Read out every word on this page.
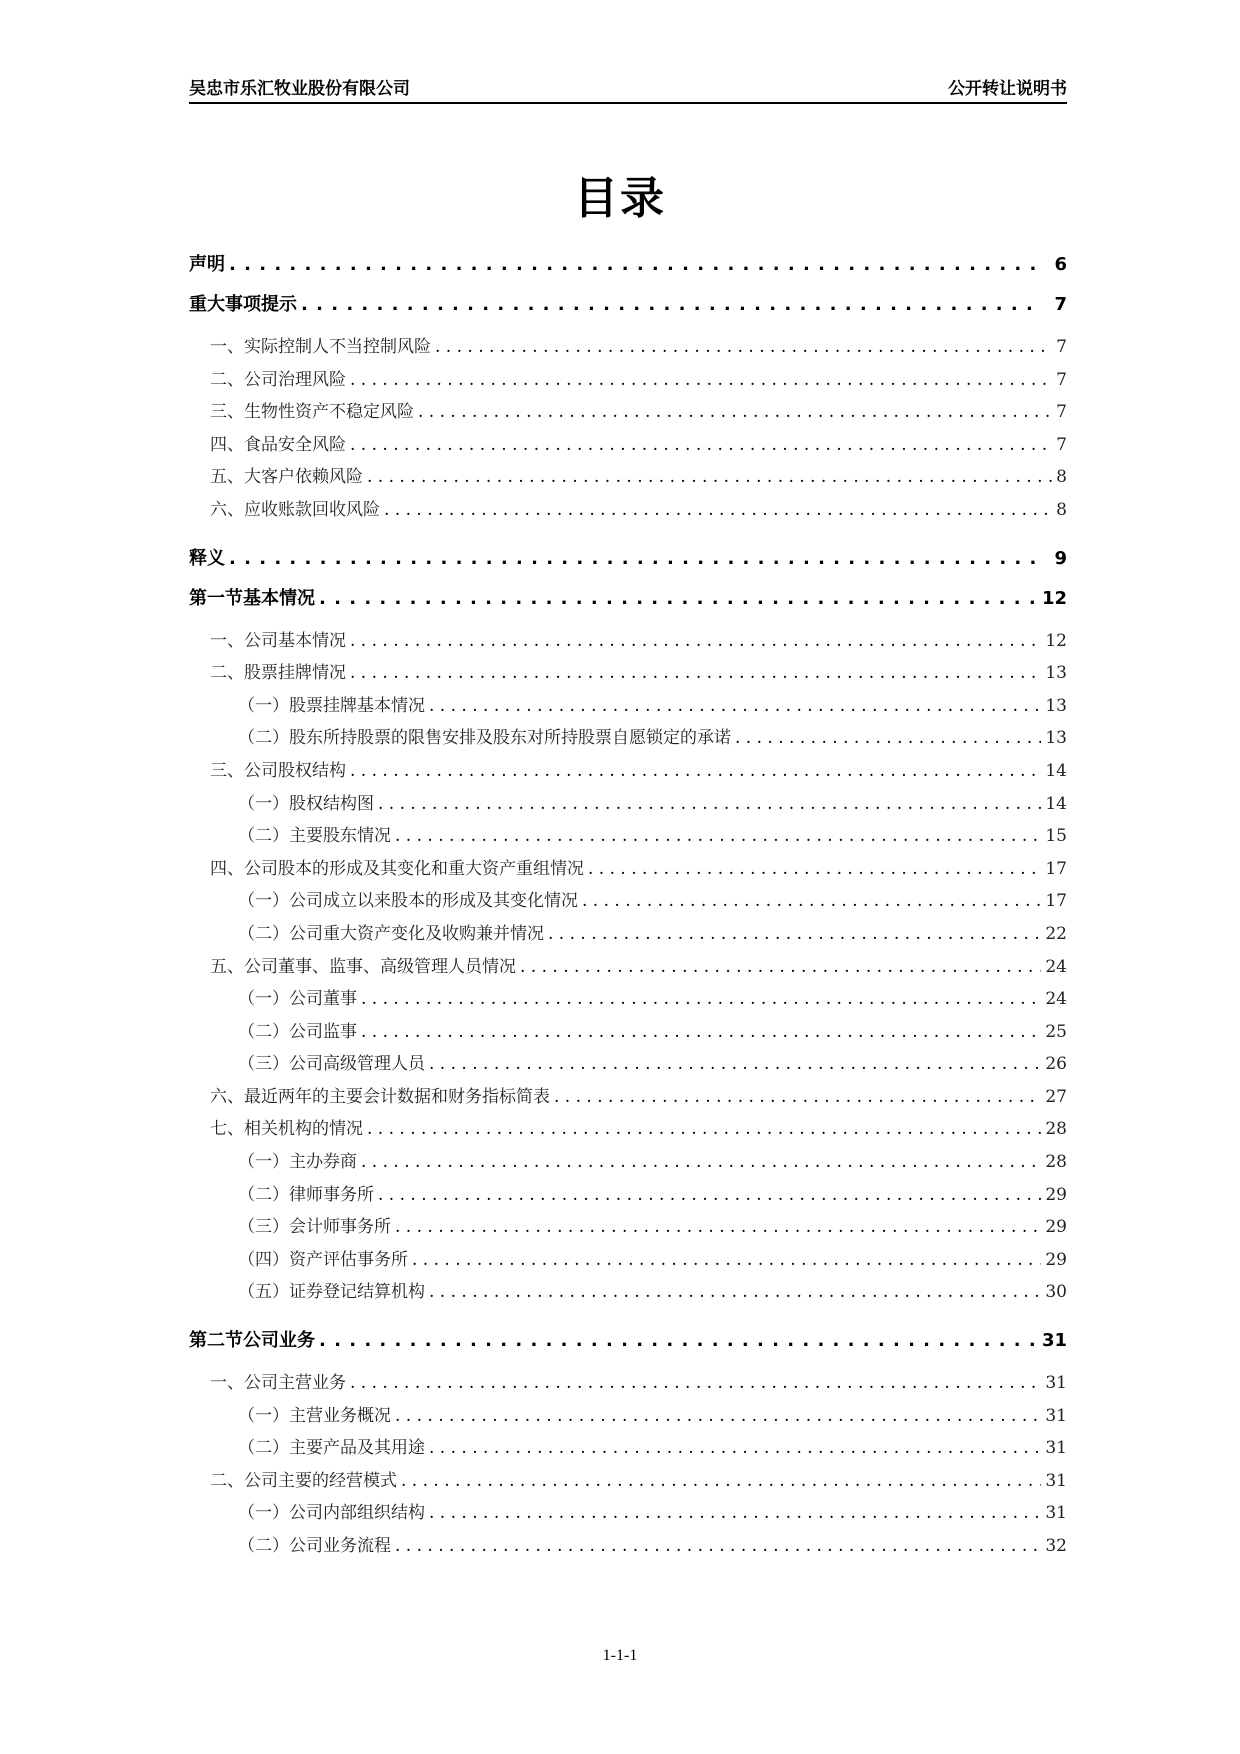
吴忠市乐汇牧业股份有限公司	公开转让说明书
目录
声明 . . .	6
重大事项提示 . . .	7
一、实际控制人不当控制风险 . . .	7
二、公司治理风险 . . .	7
三、生物性资产不稳定风险 . . .	7
四、食品安全风险 . . .	7
五、大客户依赖风险 . . .	8
六、应收账款回收风险 . . .	8
释义 . . .	9
第一节基本情况 . . .	12
一、公司基本情况 . . .	12
二、股票挂牌情况 . . .	13
（一）股票挂牌基本情况 . . .	13
（二）股东所持股票的限售安排及股东对所持股票自愿锁定的承诺 . . .	13
三、公司股权结构 . . .	14
（一）股权结构图 . . .	14
（二）主要股东情况 . . .	15
四、公司股本的形成及其变化和重大资产重组情况 . . .	17
（一）公司成立以来股本的形成及其变化情况 . . .	17
（二）公司重大资产变化及收购兼并情况 . . .	22
五、公司董事、监事、高级管理人员情况 . . .	24
（一）公司董事 . . .	24
（二）公司监事 . . .	25
（三）公司高级管理人员 . . .	26
六、最近两年的主要会计数据和财务指标简表 . . .	27
七、相关机构的情况 . . .	28
（一）主办券商 . . .	28
（二）律师事务所 . . .	29
（三）会计师事务所 . . .	29
（四）资产评估事务所 . . .	29
（五）证券登记结算机构 . . .	30
第二节公司业务 . . .	31
一、公司主营业务 . . .	31
（一）主营业务概况 . . .	31
（二）主要产品及其用途 . . .	31
二、公司主要的经营模式 . . .	31
（一）公司内部组织结构 . . .	31
（二）公司业务流程 . . .	32
1-1-1
